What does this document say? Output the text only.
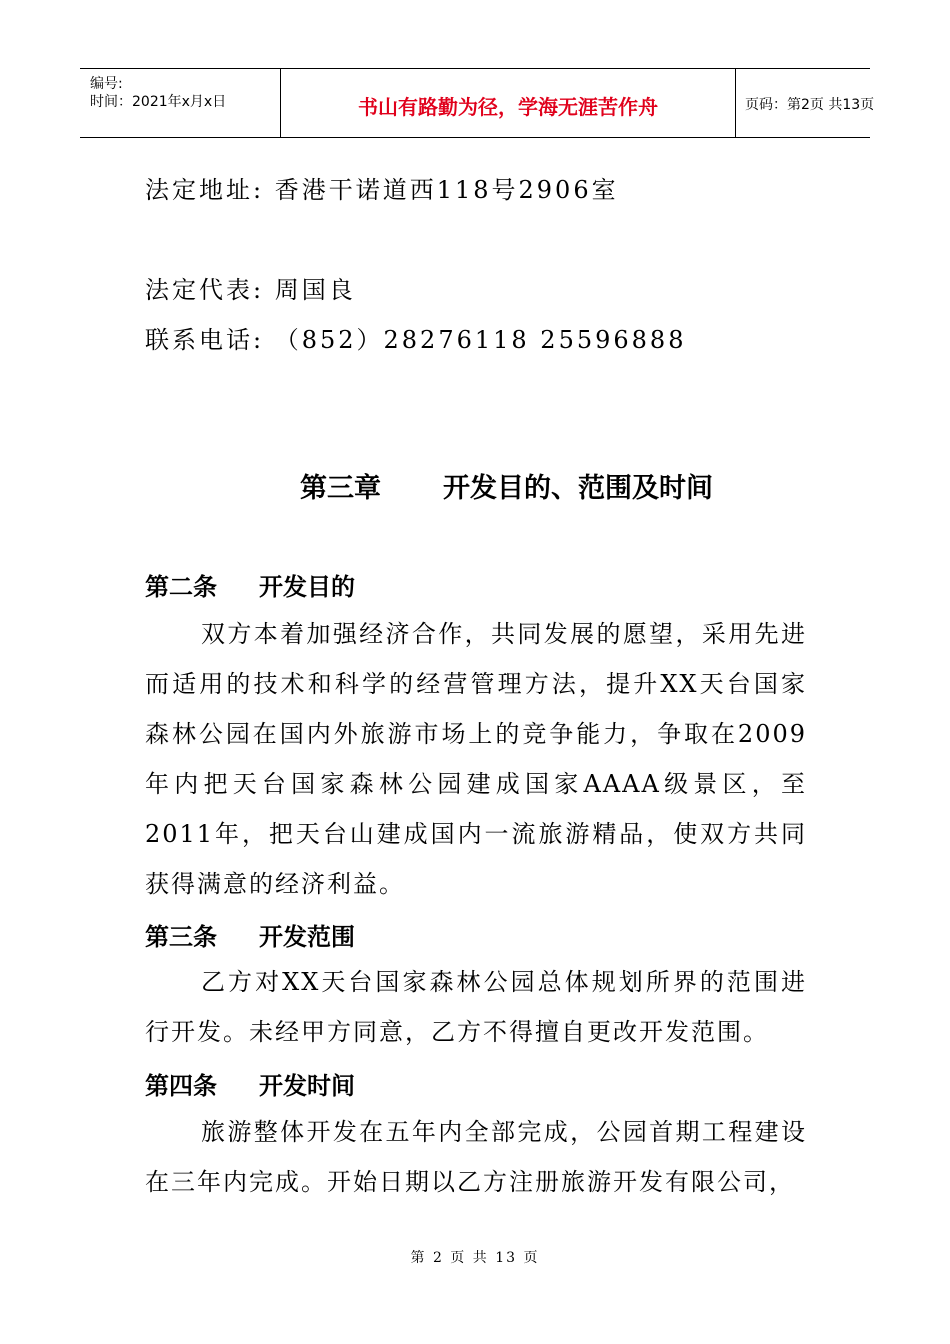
编号:
时间：2021年x月x日	书山有路勤为径，学海无涯苦作舟	页码：第2页 共13页
法定地址: 香港干诺道西118号2906室
法定代表: 周国良
联系电话: （852）28276118 25596888
第三章 开发目的、范围及时间
第二条 开发目的

双方本着加强经济合作，共同发展的愿望，采用先进而适用的技术和科学的经营管理方法，提升XX天台国家森林公园在国内外旅游市场上的竞争能力，争取在2009年内把天台国家森林公园建成国家AAAA级景区，至2011年，把天台山建成国内一流旅游精品，使双方共同获得满意的经济利益。

第三条 开发范围

乙方对XX天台国家森林公园总体规划所界的范围进行开发。未经甲方同意，乙方不得擅自更改开发范围。

第四条 开发时间

旅游整体开发在五年内全部完成，公园首期工程建设在三年内完成。开始日期以乙方注册旅游开发有限公司，

第 2 页 共 13 页
